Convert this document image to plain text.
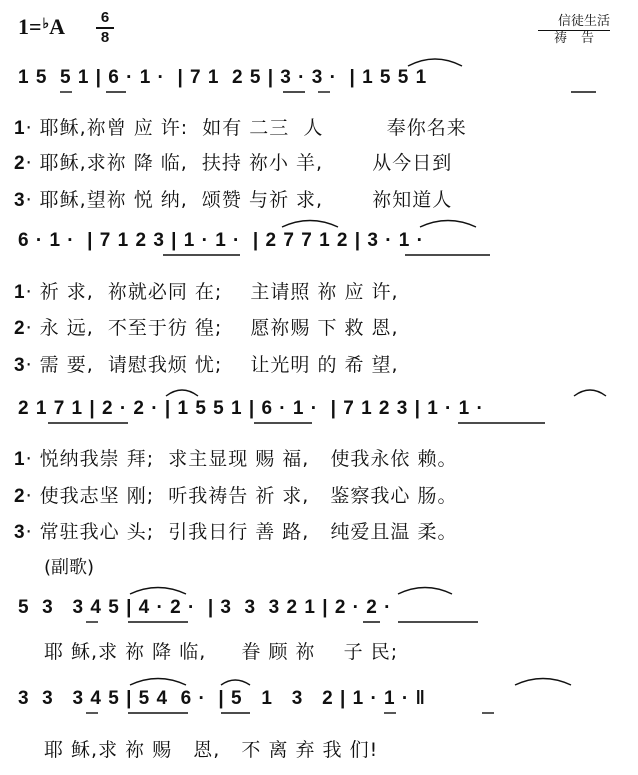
1=♭A	6
8
信徒生活
祷告
1 5  5 1 | 6 · 1 ·  | 7 1  2 5 | 3 · 3 ·  | 1 5 5 1
6 · 1 ·  | 7 1 2 3 | 1 · 1 ·  | 2 7 7 1 2 | 3 · 1 ·
2 1 7 1 | 2 · 2 · | 1 5 5 1 | 6 · 1 ·  | 7 1 2 3 | 1 · 1 ·
5  3   3 4 5 | 4 · 2 ·  | 3  3  3 2 1 | 2 · 2 ·
3  3   3 4 5 | 5 4  6 ·  | 5   1   3   2 | 1 · 1 · ‖
1· 耶稣,祢曾 应 许:  如有 二三  人         奉你名来
2· 耶稣,求祢 降 临,  扶持 祢小 羊,       从今日到
3· 耶稣,望祢 悦 纳,  颂赞 与祈 求,       祢知道人
1· 祈 求,  祢就必同 在;    主请照 祢 应 许,
2· 永 远,  不至于彷 徨;    愿祢赐 下 救 恩,
3· 需 要,  请慰我烦 忧;    让光明 的 希 望,
1· 悦纳我崇 拜;  求主显现 赐 福,   使我永依 赖。
2· 使我志坚 刚;  听我祷告 祈 求,   鉴察我心 肠。
3· 常驻我心 头;  引我日行 善 路,   纯爱且温 柔。
(副歌)
耶 稣,求 祢 降 临,     眷 顾 祢    子 民;
耶 稣,求 祢 赐   恩,   不 离 弃 我 们!
